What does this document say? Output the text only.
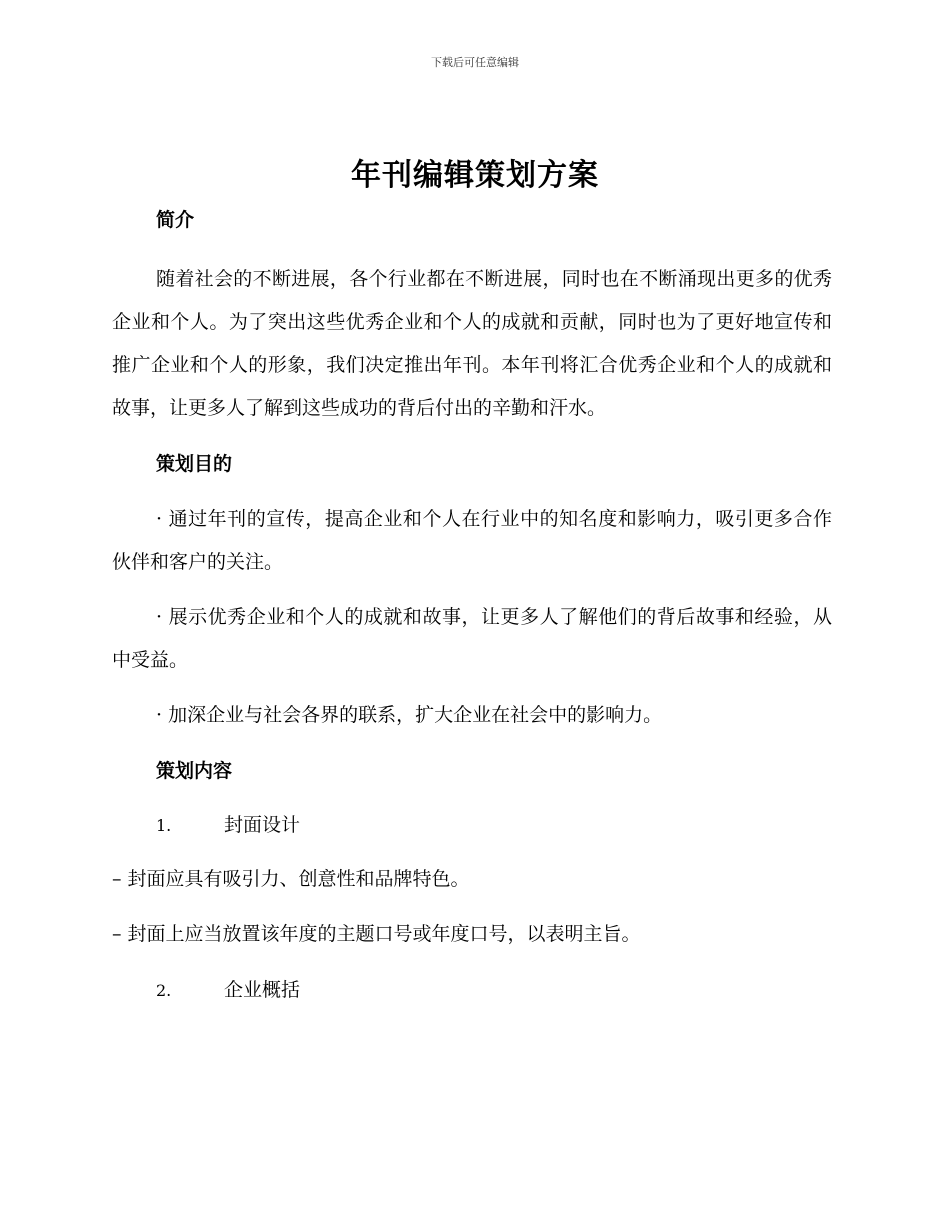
下载后可任意编辑
年刊编辑策划方案

简介

随着社会的不断进展，各个行业都在不断进展，同时也在不断涌现出更多的优秀企业和个人。为了突出这些优秀企业和个人的成就和贡献，同时也为了更好地宣传和推广企业和个人的形象，我们决定推出年刊。本年刊将汇合优秀企业和个人的成就和故事，让更多人了解到这些成功的背后付出的辛勤和汗水。

策划目的

· 通过年刊的宣传，提高企业和个人在行业中的知名度和影响力，吸引更多合作伙伴和客户的关注。

· 展示优秀企业和个人的成就和故事，让更多人了解他们的背后故事和经验，从中受益。

· 加深企业与社会各界的联系，扩大企业在社会中的影响力。

策划内容

1.	封面设计

– 封面应具有吸引力、创意性和品牌特色。

– 封面上应当放置该年度的主题口号或年度口号，以表明主旨。

2.	企业概括
